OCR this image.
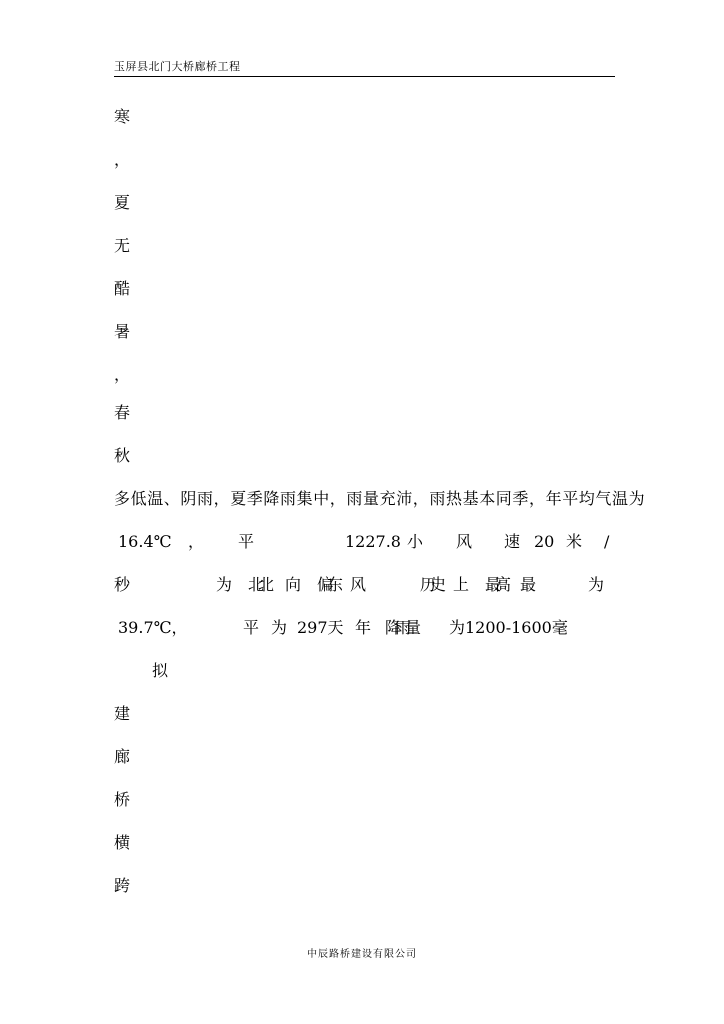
玉屏县北门大桥廊桥工程
寒
，
夏
无
酷
暑
，
春
秋
多低温、阴雨，夏季降雨集中，雨量充沛，雨热基本同季，年平均气温为
16.4℃ ， 平	1227.8 小 风 速 20 米 /
秒	为 北北 向 偏东 风	历史 上 最高 最	为
39.7℃，	平 为 297天 年 降雨量 为1200-1600毫
拟
建
廊
桥
横
跨
中辰路桥建设有限公司
